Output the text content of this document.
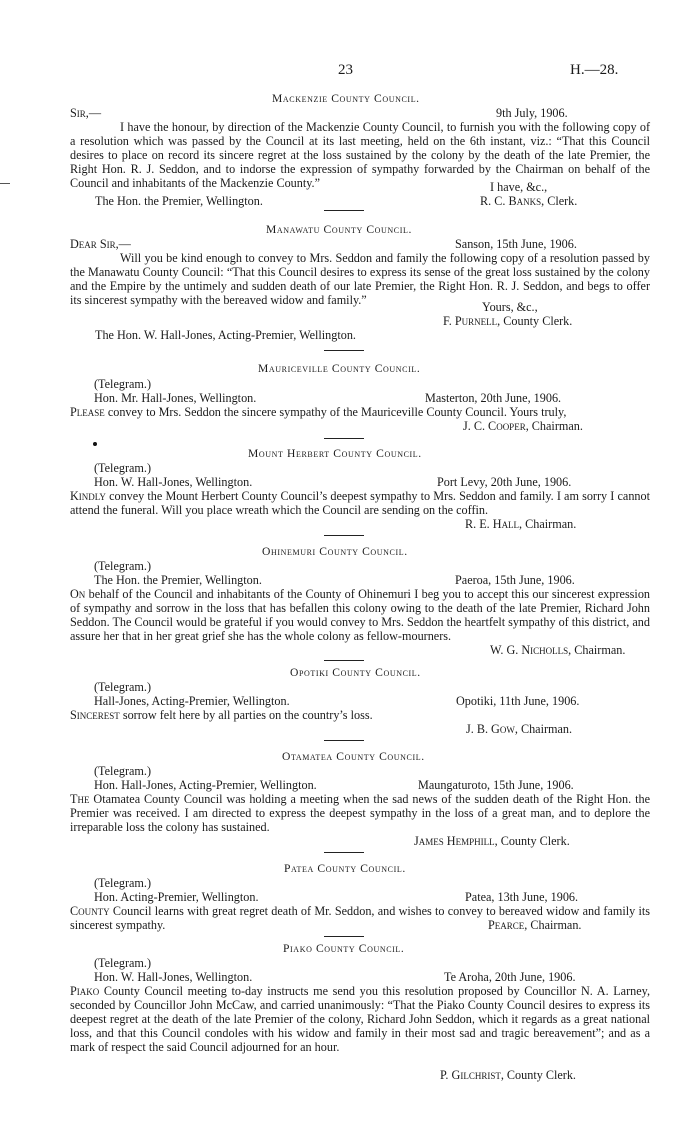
23	H.—28.
Mackenzie County Council.
Sir,—	9th July, 1906.
I have the honour, by direction of the Mackenzie County Council, to furnish you with the following copy of a resolution which was passed by the Council at its last meeting, held on the 6th instant, viz.: “That this Council desires to place on record its sincere regret at the loss sustained by the colony by the death of the late Premier, the Right Hon. R. J. Seddon, and to indorse the expression of sympathy forwarded by the Chairman on behalf of the Council and inhabitants of the Mackenzie County.”	I have, &c.,
The Hon. the Premier, Wellington.	R. C. Banks, Clerk.
Manawatu County Council.
Dear Sir,—	Sanson, 15th June, 1906.
Will you be kind enough to convey to Mrs. Seddon and family the following copy of a resolution passed by the Manawatu County Council: “That this Council desires to express its sense of the great loss sustained by the colony and the Empire by the untimely and sudden death of our late Premier, the Right Hon. R. J. Seddon, and begs to offer its sincerest sympathy with the bereaved widow and family.”	Yours, &c.,
F. Purnell, County Clerk.
The Hon. W. Hall-Jones, Acting-Premier, Wellington.
Mauriceville County Council.
(Telegram.)
Hon. Mr. Hall-Jones, Wellington.	Masterton, 20th June, 1906.
Please convey to Mrs. Seddon the sincere sympathy of the Mauriceville County Council. Yours truly,
J. C. Cooper, Chairman.
Mount Herbert County Council.
(Telegram.)
Hon. W. Hall-Jones, Wellington.	Port Levy, 20th June, 1906.
Kindly convey the Mount Herbert County Council’s deepest sympathy to Mrs. Seddon and family. I am sorry I cannot attend the funeral. Will you place wreath which the Council are sending on the coffin.
R. E. Hall, Chairman.
Ohinemuri County Council.
(Telegram.)
The Hon. the Premier, Wellington.	Paeroa, 15th June, 1906.
On behalf of the Council and inhabitants of the County of Ohinemuri I beg you to accept this our sincerest expression of sympathy and sorrow in the loss that has befallen this colony owing to the death of the late Premier, Richard John Seddon. The Council would be grateful if you would convey to Mrs. Seddon the heartfelt sympathy of this district, and assure her that in her great grief she has the whole colony as fellow-mourners.
W. G. Nicholls, Chairman.
Opotiki County Council.
(Telegram.)
Hall-Jones, Acting-Premier, Wellington.	Opotiki, 11th June, 1906.
Sincerest sorrow felt here by all parties on the country’s loss.
J. B. Gow, Chairman.
Otamatea County Council.
(Telegram.)
Hon. Hall-Jones, Acting-Premier, Wellington.	Maungaturoto, 15th June, 1906.
The Otamatea County Council was holding a meeting when the sad news of the sudden death of the Right Hon. the Premier was received. I am directed to express the deepest sympathy in the loss of a great man, and to deplore the irreparable loss the colony has sustained.
James Hemphill, County Clerk.
Patea County Council.
(Telegram.)
Hon. Acting-Premier, Wellington.	Patea, 13th June, 1906.
County Council learns with great regret death of Mr. Seddon, and wishes to convey to bereaved widow and family its sincerest sympathy.	Pearce, Chairman.
Piako County Council.
(Telegram.)
Hon. W. Hall-Jones, Wellington.	Te Aroha, 20th June, 1906.
Piako County Council meeting to-day instructs me send you this resolution proposed by Councillor N. A. Larney, seconded by Councillor John McCaw, and carried unanimously: “That the Piako County Council desires to express its deepest regret at the death of the late Premier of the colony, Richard John Seddon, which it regards as a great national loss, and that this Council condoles with his widow and family in their most sad and tragic bereavement”; and as a mark of respect the said Council adjourned for an hour.
P. Gilchrist, County Clerk.
